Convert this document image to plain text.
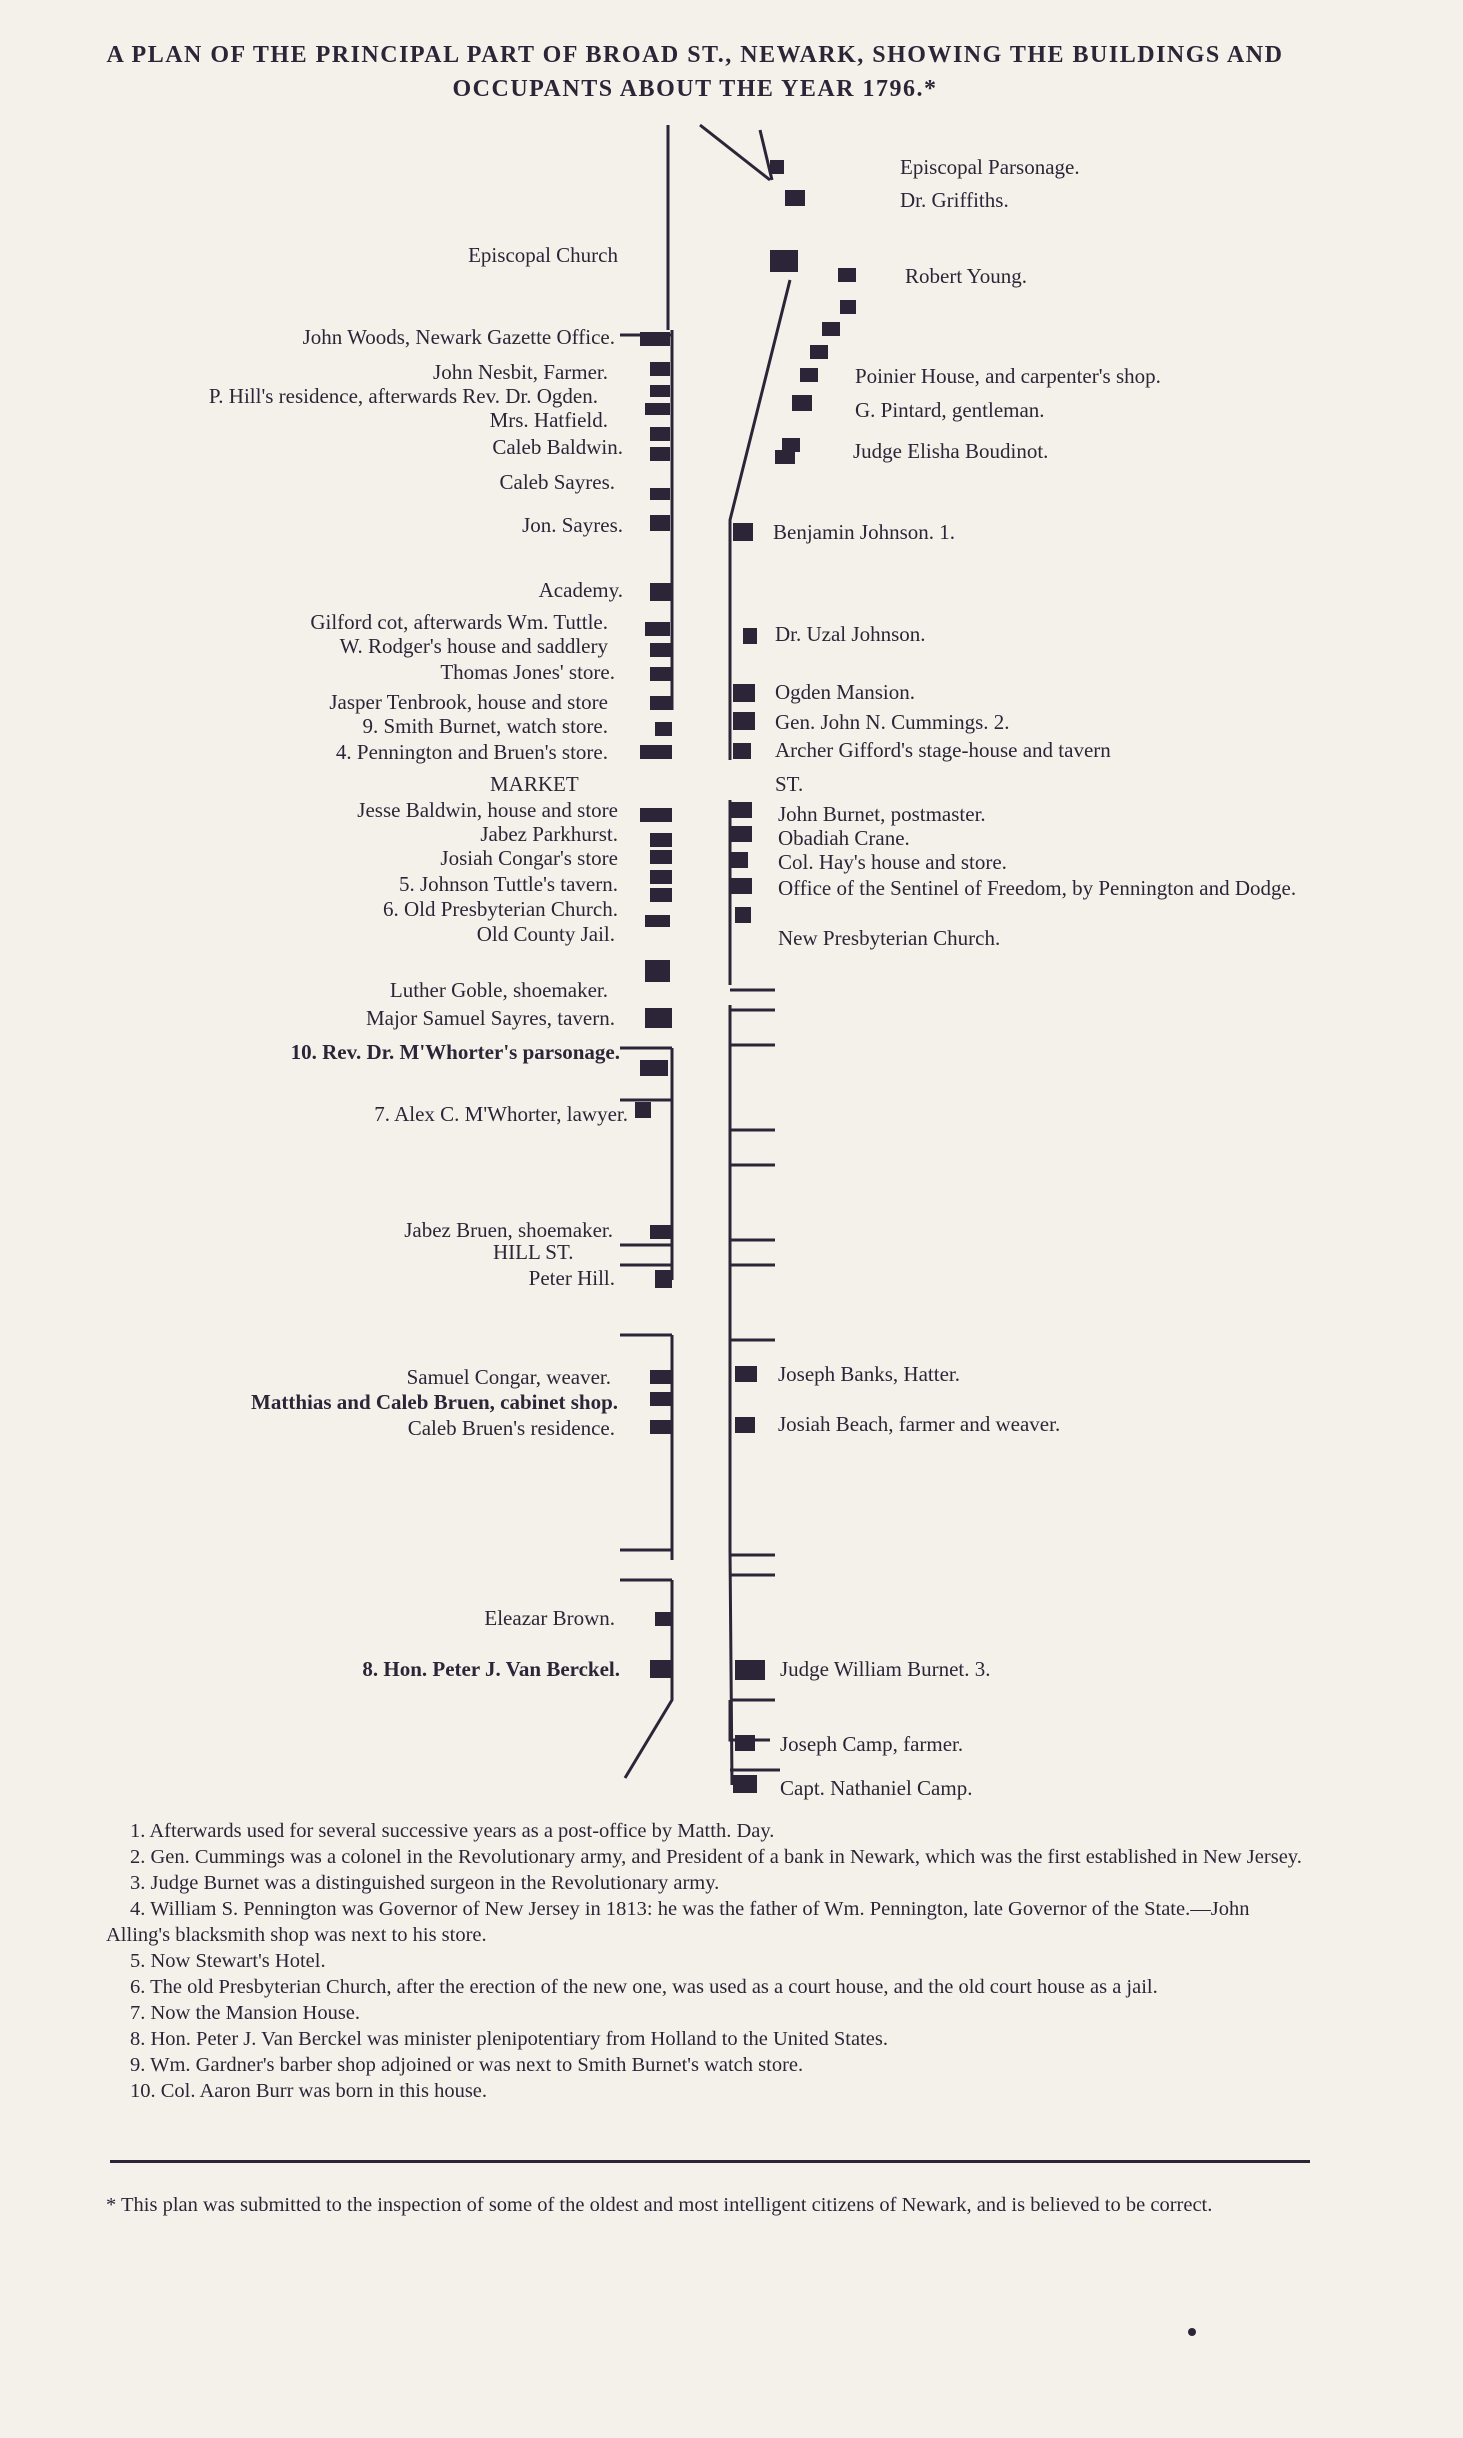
A PLAN OF THE PRINCIPAL PART OF BROAD ST., NEWARK, SHOWING THE BUILDINGS AND OCCUPANTS ABOUT THE YEAR 1796.*
Episcopal Church
John Woods, Newark Gazette Office.
John Nesbit, Farmer.
P. Hill's residence, afterwards Rev. Dr. Ogden.
Mrs. Hatfield.
Caleb Baldwin.
Caleb Sayres.
Jon. Sayres.
Academy.
Gilford cot, afterwards Wm. Tuttle.
W. Rodger's house and saddlery
Thomas Jones' store.
Jasper Tenbrook, house and store
9. Smith Burnet, watch store.
4. Pennington and Bruen's store.
MARKET
Jesse Baldwin, house and store
Jabez Parkhurst.
Josiah Congar's store
5. Johnson Tuttle's tavern.
6. Old Presbyterian Church.
Old County Jail.
Luther Goble, shoemaker.
Major Samuel Sayres, tavern.
10. Rev. Dr. M'Whorter's parsonage.
7. Alex C. M'Whorter, lawyer.
Jabez Bruen, shoemaker.
HILL ST.
Peter Hill.
Samuel Congar, weaver.
Matthias and Caleb Bruen, cabinet shop.
Caleb Bruen's residence.
Eleazar Brown.
8. Hon. Peter J. Van Berckel.
Episcopal Parsonage.
Dr. Griffiths.
Robert Young.
Poinier House, and carpenter's shop.
G. Pintard, gentleman.
Judge Elisha Boudinot.
Benjamin Johnson. 1.
Dr. Uzal Johnson.
Ogden Mansion.
Gen. John N. Cummings. 2.
Archer Gifford's stage-house and tavern
ST.
John Burnet, postmaster.
Obadiah Crane.
Col. Hay's house and store.
Office of the Sentinel of Freedom, by Pennington and Dodge.
New Presbyterian Church.
Joseph Banks, Hatter.
Josiah Beach, farmer and weaver.
Judge William Burnet. 3.
Joseph Camp, farmer.
Capt. Nathaniel Camp.

1. Afterwards used for several successive years as a post-office by Matth. Day.

2. Gen. Cummings was a colonel in the Revolutionary army, and President of a bank in Newark, which was the first established in New Jersey.

3. Judge Burnet was a distinguished surgeon in the Revolutionary army.

4. William S. Pennington was Governor of New Jersey in 1813: he was the father of Wm. Pennington, late Governor of the State.—John Alling's blacksmith shop was next to his store.

5. Now Stewart's Hotel.

6. The old Presbyterian Church, after the erection of the new one, was used as a court house, and the old court house as a jail.

7. Now the Mansion House.

8. Hon. Peter J. Van Berckel was minister plenipotentiary from Holland to the United States.

9. Wm. Gardner's barber shop adjoined or was next to Smith Burnet's watch store.

10. Col. Aaron Burr was born in this house.

* This plan was submitted to the inspection of some of the oldest and most intelligent citizens of Newark, and is believed to be correct.
